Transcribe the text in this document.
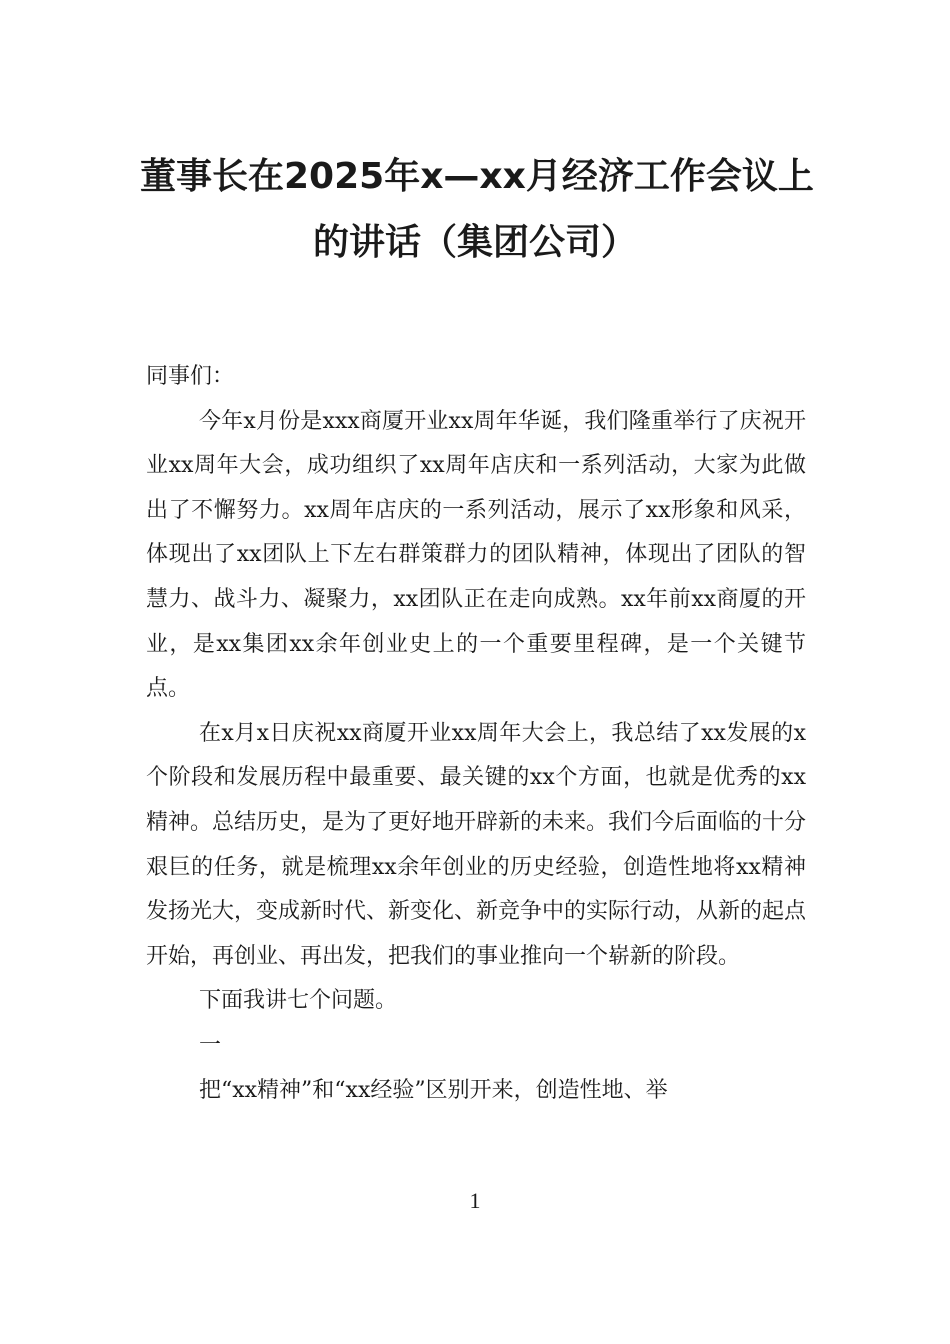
董事长在2025年x—xx月经济工作会议上
的讲话（集团公司）

同事们：

今年x月份是xxx商厦开业xx周年华诞，我们隆重举行了庆祝开业xx周年大会，成功组织了xx周年店庆和一系列活动，大家为此做出了不懈努力。xx周年店庆的一系列活动，展示了xx形象和风采，体现出了xx团队上下左右群策群力的团队精神，体现出了团队的智慧力、战斗力、凝聚力，xx团队正在走向成熟。xx年前xx商厦的开业，是xx集团xx余年创业史上的一个重要里程碑，是一个关键节点。

在x月x日庆祝xx商厦开业xx周年大会上，我总结了xx发展的x个阶段和发展历程中最重要、最关键的xx个方面，也就是优秀的xx精神。总结历史，是为了更好地开辟新的未来。我们今后面临的十分艰巨的任务，就是梳理xx余年创业的历史经验，创造性地将xx精神发扬光大，变成新时代、新变化、新竞争中的实际行动，从新的起点开始，再创业、再出发，把我们的事业推向一个崭新的阶段。

下面我讲七个问题。

一

把“xx精神”和“xx经验”区别开来，创造性地、举

1
